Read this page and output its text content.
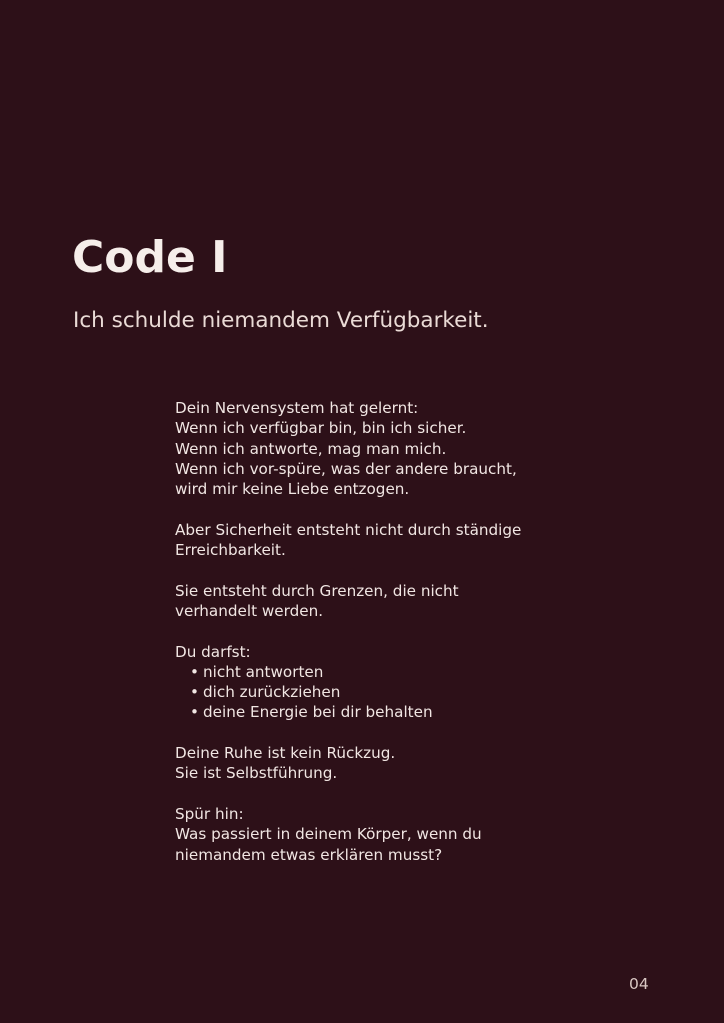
Code I

Ich schulde niemandem Verfügbarkeit.

Dein Nervensystem hat gelernt:
Wenn ich verfügbar bin, bin ich sicher.
Wenn ich antworte, mag man mich.
Wenn ich vor-spüre, was der andere braucht,
wird mir keine Liebe entzogen.

Aber Sicherheit entsteht nicht durch ständige
Erreichbarkeit.

Sie entsteht durch Grenzen, die nicht
verhandelt werden.

Du darfst:
• nicht antworten
• dich zurückziehen
• deine Energie bei dir behalten

Deine Ruhe ist kein Rückzug.
Sie ist Selbstführung.

Spür hin:
Was passiert in deinem Körper, wenn du
niemandem etwas erklären musst?

04
